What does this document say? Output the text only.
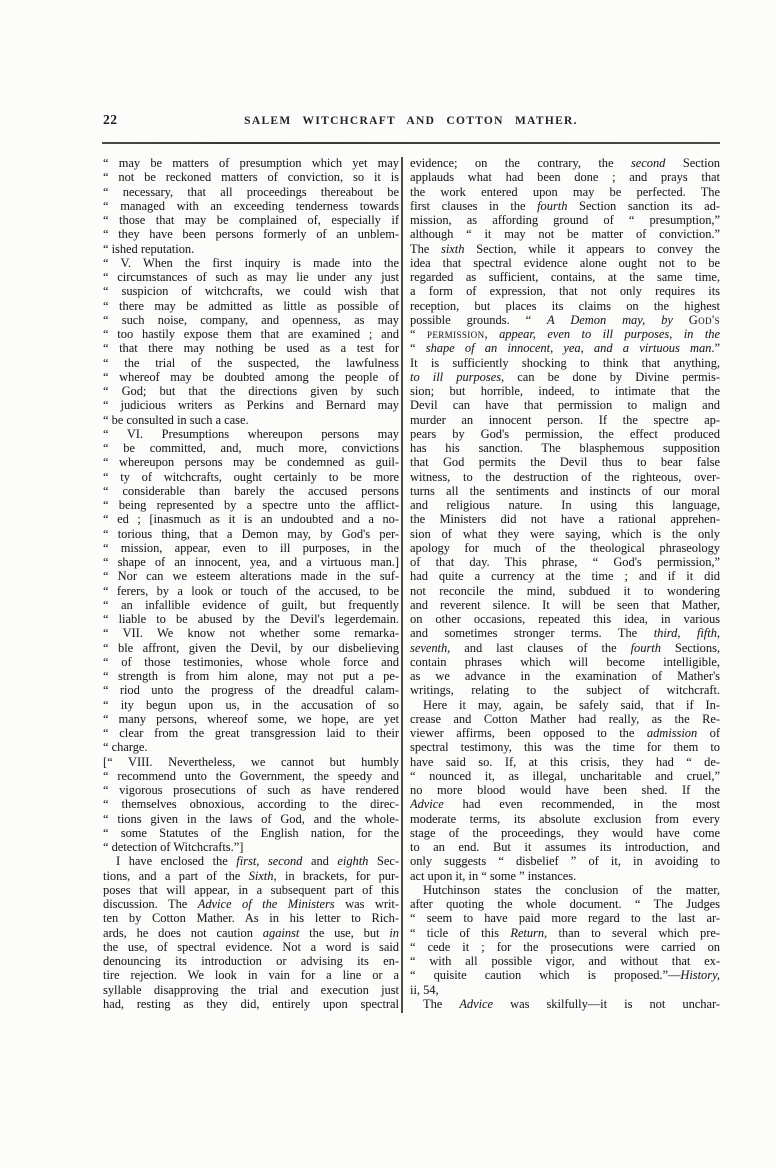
22	SALEM WITCHCRAFT AND COTTON MATHER.
“ may be matters of presumption which yet may
“ not be reckoned matters of conviction, so it is
“ necessary, that all proceedings thereabout be
“ managed with an exceeding tenderness towards
“ those that may be complained of, especially if
“ they have been persons formerly of an unblem-
“ ished reputation.
“ V. When the first inquiry is made into the
“ circumstances of such as may lie under any just
“ suspicion of witchcrafts, we could wish that
“ there may be admitted as little as possible of
“ such noise, company, and openness, as may
“ too hastily expose them that are examined ; and
“ that there may nothing be used as a test for
“ the trial of the suspected, the lawfulness
“ whereof may be doubted among the people of
“ God; but that the directions given by such
“ judicious writers as Perkins and Bernard may
“ be consulted in such a case.
“ VI. Presumptions whereupon persons may
“ be committed, and, much more, convictions
“ whereupon persons may be condemned as guil-
“ ty of witchcrafts, ought certainly to be more
“ considerable than barely the accused persons
“ being represented by a spectre unto the afflict-
“ ed ; [inasmuch as it is an undoubted and a no-
“ torious thing, that a Demon may, by God's per-
“ mission, appear, even to ill purposes, in the
“ shape of an innocent, yea, and a virtuous man.]
“ Nor can we esteem alterations made in the suf-
“ ferers, by a look or touch of the accused, to be
“ an infallible evidence of guilt, but frequently
“ liable to be abused by the Devil's legerdemain.
“ VII. We know not whether some remarka-
“ ble affront, given the Devil, by our disbelieving
“ of those testimonies, whose whole force and
“ strength is from him alone, may not put a pe-
“ riod unto the progress of the dreadful calam-
“ ity begun upon us, in the accusation of so
“ many persons, whereof some, we hope, are yet
“ clear from the great transgression laid to their
“ charge.
[“ VIII. Nevertheless, we cannot but humbly
“ recommend unto the Government, the speedy and
“ vigorous prosecutions of such as have rendered
“ themselves obnoxious, according to the direc-
“ tions given in the laws of God, and the whole-
“ some Statutes of the English nation, for the
“ detection of Witchcrafts.”]
I have enclosed the first, second and eighth Sec-
tions, and a part of the Sixth, in brackets, for pur-
poses that will appear, in a subsequent part of this
discussion. The Advice of the Ministers was writ-
ten by Cotton Mather. As in his letter to Rich-
ards, he does not caution against the use, but in
the use, of spectral evidence. Not a word is said
denouncing its introduction or advising its en-
tire rejection. We look in vain for a line or a
syllable disapproving the trial and execution just
had, resting as they did, entirely upon spectral
evidence; on the contrary, the second Section
applauds what had been done ; and prays that
the work entered upon may be perfected. The
first clauses in the fourth Section sanction its ad-
mission, as affording ground of “ presumption,”
although “ it may not be matter of conviction.”
The sixth Section, while it appears to convey the
idea that spectral evidence alone ought not to be
regarded as sufficient, contains, at the same time,
a form of expression, that not only requires its
reception, but places its claims on the highest
possible grounds. “ A Demon may, by God's
“ permission, appear, even to ill purposes, in the
“ shape of an innocent, yea, and a virtuous man.”
It is sufficiently shocking to think that anything,
to ill purposes, can be done by Divine permis-
sion; but horrible, indeed, to intimate that the
Devil can have that permission to malign and
murder an innocent person. If the spectre ap-
pears by God's permission, the effect produced
has his sanction. The blasphemous supposition
that God permits the Devil thus to bear false
witness, to the destruction of the righteous, over-
turns all the sentiments and instincts of our moral
and religious nature. In using this language,
the Ministers did not have a rational apprehen-
sion of what they were saying, which is the only
apology for much of the theological phraseology
of that day. This phrase, “ God's permission,”
had quite a currency at the time ; and if it did
not reconcile the mind, subdued it to wondering
and reverent silence. It will be seen that Mather,
on other occasions, repeated this idea, in various
and sometimes stronger terms. The third, fifth,
seventh, and last clauses of the fourth Sections,
contain phrases which will become intelligible,
as we advance in the examination of Mather's
writings, relating to the subject of witchcraft.
Here it may, again, be safely said, that if In-
crease and Cotton Mather had really, as the Re-
viewer affirms, been opposed to the admission of
spectral testimony, this was the time for them to
have said so. If, at this crisis, they had “ de-
“ nounced it, as illegal, uncharitable and cruel,”
no more blood would have been shed. If the
Advice had even recommended, in the most
moderate terms, its absolute exclusion from every
stage of the proceedings, they would have come
to an end. But it assumes its introduction, and
only suggests “ disbelief ” of it, in avoiding to
act upon it, in “ some ” instances.
Hutchinson states the conclusion of the matter,
after quoting the whole document. “ The Judges
“ seem to have paid more regard to the last ar-
“ ticle of this Return, than to several which pre-
“ cede it ; for the prosecutions were carried on
“ with all possible vigor, and without that ex-
“ quisite caution which is proposed.”—History,
ii, 54,
The Advice was skilfully—it is not unchar-
